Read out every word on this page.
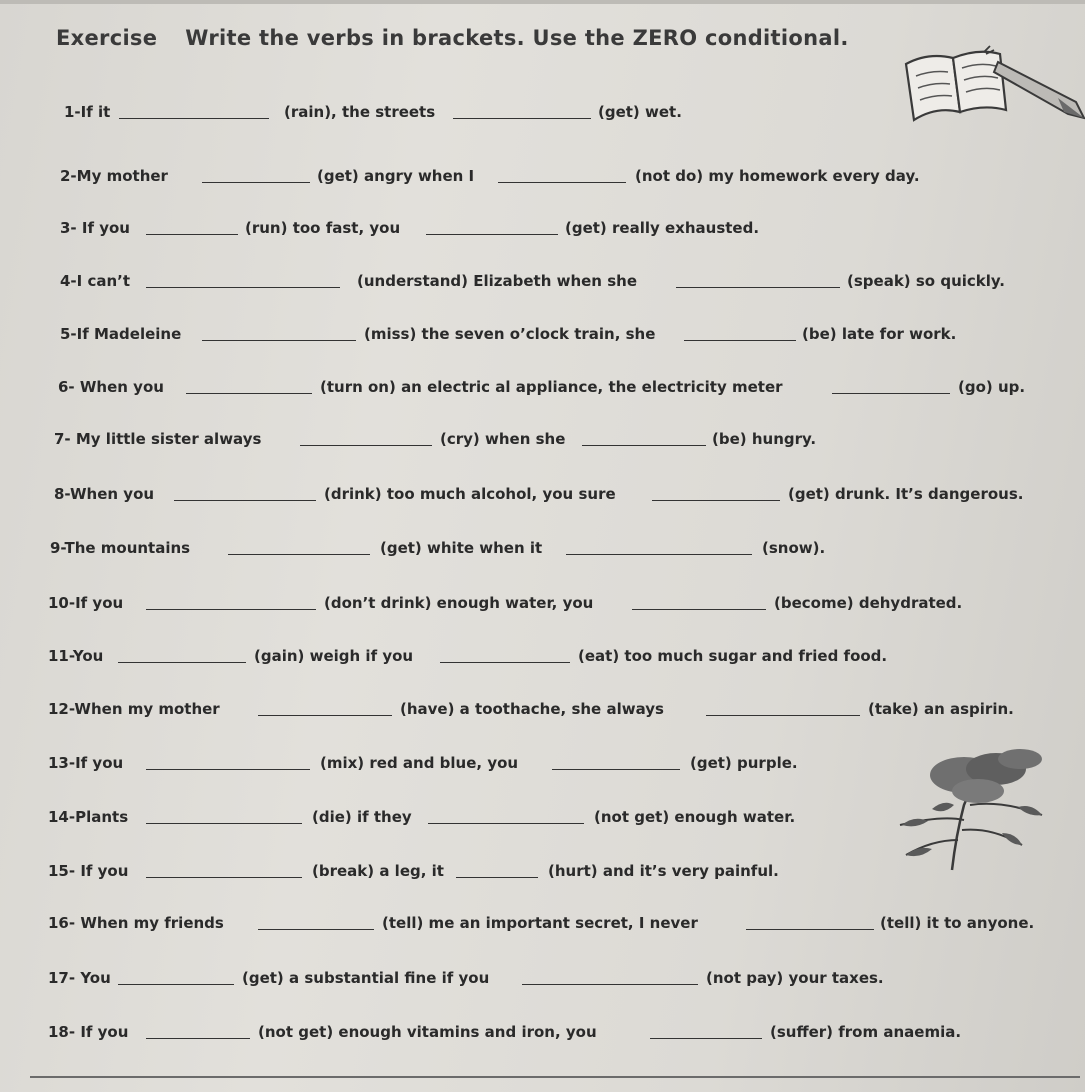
Exercise Write the verbs in brackets. Use the ZERO conditional.
1-If it	(rain), the streets	(get) wet.
2-My mother	(get) angry when I	(not do) my homework every day.
3- If you	(run) too fast, you	(get) really exhausted.
4-I can’t	(understand) Elizabeth when she	(speak) so quickly.
5-If Madeleine	(miss) the seven o’clock train, she	(be) late for work.
6- When you	(turn on) an electric al appliance, the electricity meter	(go) up.
7- My little sister always	(cry) when she	(be) hungry.
8-When you	(drink) too much alcohol, you sure	(get) drunk. It’s dangerous.
9-The mountains	(get) white when it	(snow).
10-If you	(don’t drink) enough water, you	(become) dehydrated.
11-You	(gain) weigh if you	(eat) too much sugar and fried food.
12-When my mother	(have) a toothache, she always	(take) an aspirin.
13-If you	(mix) red and blue, you	(get) purple.
14-Plants	(die) if they	(not get) enough water.
15- If you	(break) a leg, it	(hurt) and it’s very painful.
16- When my friends	(tell) me an important secret, I never	(tell) it to anyone.
17- You	(get) a substantial fine if you	(not pay) your taxes.
18- If you	(not get) enough vitamins and iron, you	(suffer) from anaemia.
